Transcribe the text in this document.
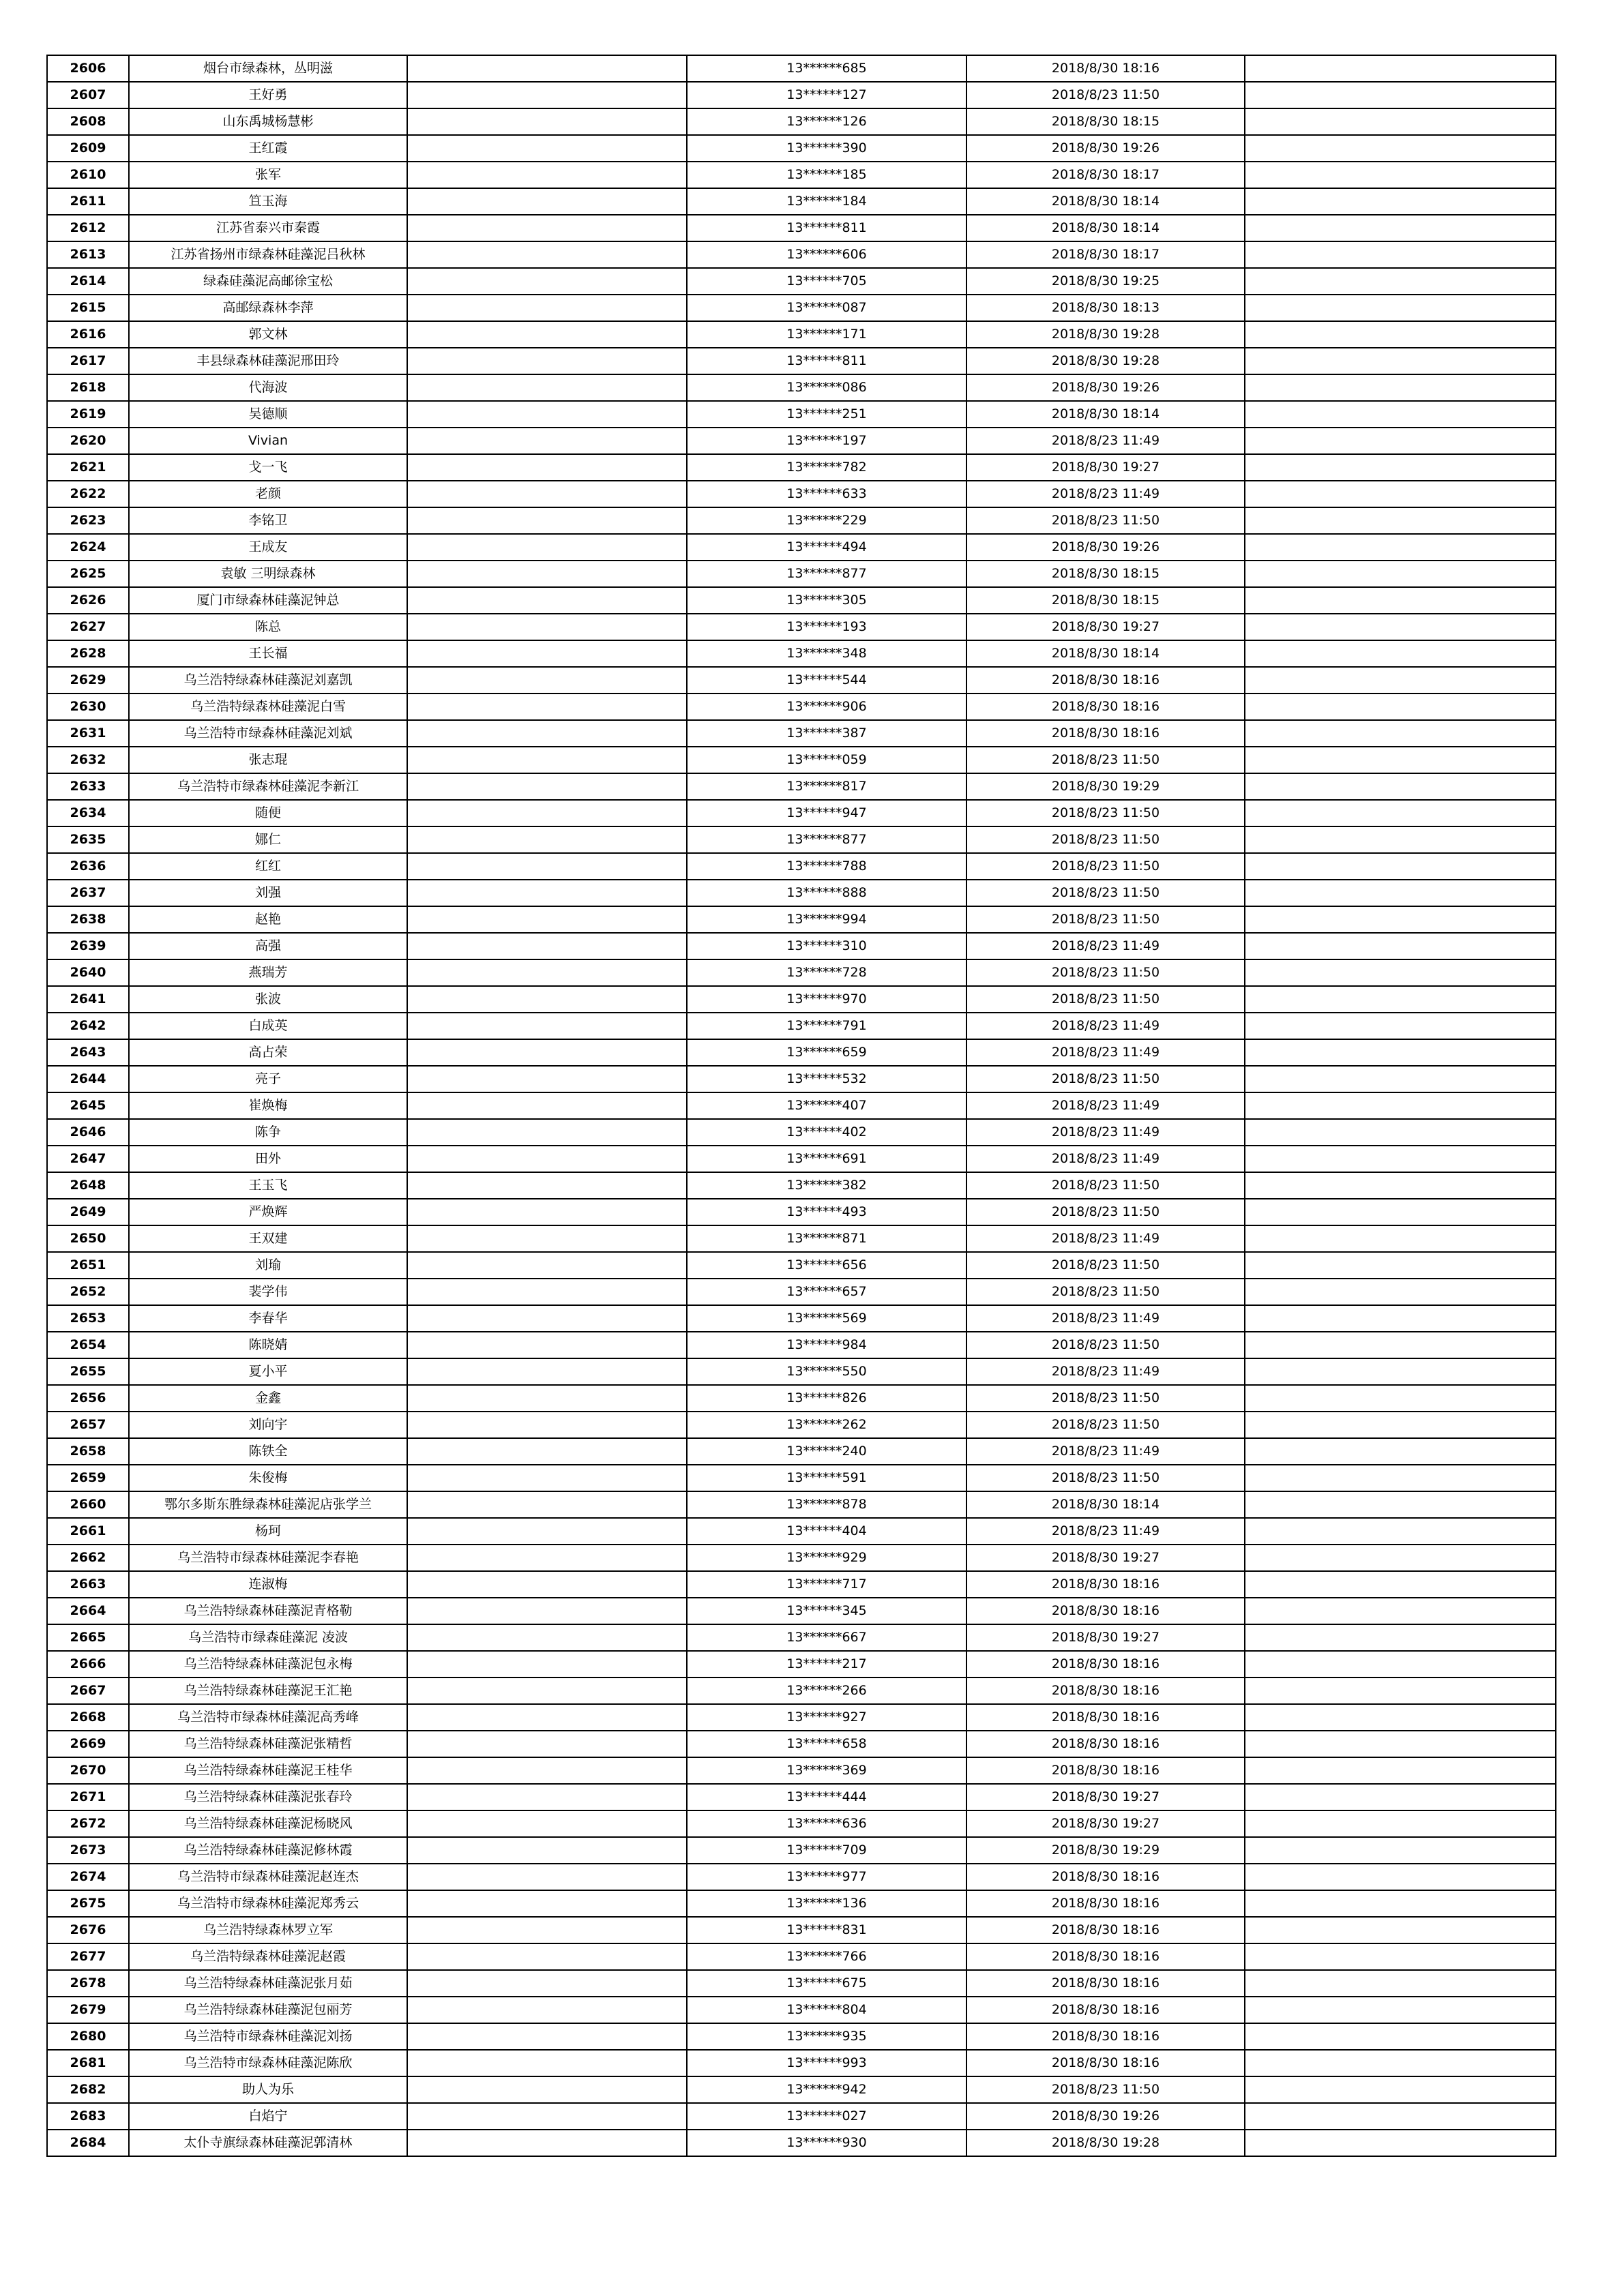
2606	烟台市绿森林，丛明滋		13******685	2018/8/30 18:16	
2607	王好勇		13******127	2018/8/23 11:50	
2608	山东禹城杨慧彬		13******126	2018/8/30 18:15	
2609	王红霞		13******390	2018/8/30 19:26	
2610	张军		13******185	2018/8/30 18:17	
2611	笪玉海		13******184	2018/8/30 18:14	
2612	江苏省泰兴市秦霞		13******811	2018/8/30 18:14	
2613	江苏省扬州市绿森林硅藻泥吕秋林		13******606	2018/8/30 18:17	
2614	绿森硅藻泥高邮徐宝松		13******705	2018/8/30 19:25	
2615	高邮绿森林李萍		13******087	2018/8/30 18:13	
2616	郭文林		13******171	2018/8/30 19:28	
2617	丰县绿森林硅藻泥邢田玲		13******811	2018/8/30 19:28	
2618	代海波		13******086	2018/8/30 19:26	
2619	吴德顺		13******251	2018/8/30 18:14	
2620	Vivian		13******197	2018/8/23 11:49	
2621	戈一飞		13******782	2018/8/30 19:27	
2622	老颜		13******633	2018/8/23 11:49	
2623	李铭卫		13******229	2018/8/23 11:50	
2624	王成友		13******494	2018/8/30 19:26	
2625	袁敏 三明绿森林		13******877	2018/8/30 18:15	
2626	厦门市绿森林硅藻泥钟总		13******305	2018/8/30 18:15	
2627	陈总		13******193	2018/8/30 19:27	
2628	王长福		13******348	2018/8/30 18:14	
2629	乌兰浩特绿森林硅藻泥刘嘉凯		13******544	2018/8/30 18:16	
2630	乌兰浩特绿森林硅藻泥白雪		13******906	2018/8/30 18:16	
2631	乌兰浩特市绿森林硅藻泥刘斌		13******387	2018/8/30 18:16	
2632	张志琨		13******059	2018/8/23 11:50	
2633	乌兰浩特市绿森林硅藻泥李新江		13******817	2018/8/30 19:29	
2634	随便		13******947	2018/8/23 11:50	
2635	娜仁		13******877	2018/8/23 11:50	
2636	红红		13******788	2018/8/23 11:50	
2637	刘强		13******888	2018/8/23 11:50	
2638	赵艳		13******994	2018/8/23 11:50	
2639	高强		13******310	2018/8/23 11:49	
2640	燕瑞芳		13******728	2018/8/23 11:50	
2641	张波		13******970	2018/8/23 11:50	
2642	白成英		13******791	2018/8/23 11:49	
2643	高占荣		13******659	2018/8/23 11:49	
2644	亮子		13******532	2018/8/23 11:50	
2645	崔焕梅		13******407	2018/8/23 11:49	
2646	陈争		13******402	2018/8/23 11:49	
2647	田外		13******691	2018/8/23 11:49	
2648	王玉飞		13******382	2018/8/23 11:50	
2649	严焕辉		13******493	2018/8/23 11:50	
2650	王双建		13******871	2018/8/23 11:49	
2651	刘瑜		13******656	2018/8/23 11:50	
2652	裴学伟		13******657	2018/8/23 11:50	
2653	李春华		13******569	2018/8/23 11:49	
2654	陈晓婧		13******984	2018/8/23 11:50	
2655	夏小平		13******550	2018/8/23 11:49	
2656	金鑫		13******826	2018/8/23 11:50	
2657	刘向宇		13******262	2018/8/23 11:50	
2658	陈铁全		13******240	2018/8/23 11:49	
2659	朱俊梅		13******591	2018/8/23 11:50	
2660	鄂尔多斯东胜绿森林硅藻泥店张学兰		13******878	2018/8/30 18:14	
2661	杨珂		13******404	2018/8/23 11:49	
2662	乌兰浩特市绿森林硅藻泥李春艳		13******929	2018/8/30 19:27	
2663	连淑梅		13******717	2018/8/30 18:16	
2664	乌兰浩特绿森林硅藻泥青格勒		13******345	2018/8/30 18:16	
2665	乌兰浩特市绿森硅藻泥 凌波		13******667	2018/8/30 19:27	
2666	乌兰浩特绿森林硅藻泥包永梅		13******217	2018/8/30 18:16	
2667	乌兰浩特绿森林硅藻泥王汇艳		13******266	2018/8/30 18:16	
2668	乌兰浩特市绿森林硅藻泥高秀峰		13******927	2018/8/30 18:16	
2669	乌兰浩特绿森林硅藻泥张精哲		13******658	2018/8/30 18:16	
2670	乌兰浩特绿森林硅藻泥王桂华		13******369	2018/8/30 18:16	
2671	乌兰浩特绿森林硅藻泥张春玲		13******444	2018/8/30 19:27	
2672	乌兰浩特绿森林硅藻泥杨晓风		13******636	2018/8/30 19:27	
2673	乌兰浩特绿森林硅藻泥修林霞		13******709	2018/8/30 19:29	
2674	乌兰浩特市绿森林硅藻泥赵连杰		13******977	2018/8/30 18:16	
2675	乌兰浩特市绿森林硅藻泥郑秀云		13******136	2018/8/30 18:16	
2676	乌兰浩特绿森林罗立军		13******831	2018/8/30 18:16	
2677	乌兰浩特绿森林硅藻泥赵霞		13******766	2018/8/30 18:16	
2678	乌兰浩特绿森林硅藻泥张月茹		13******675	2018/8/30 18:16	
2679	乌兰浩特绿森林硅藻泥包丽芳		13******804	2018/8/30 18:16	
2680	乌兰浩特市绿森林硅藻泥刘扬		13******935	2018/8/30 18:16	
2681	乌兰浩特市绿森林硅藻泥陈欣		13******993	2018/8/30 18:16	
2682	助人为乐		13******942	2018/8/23 11:50	
2683	白焰宁		13******027	2018/8/30 19:26	
2684	太仆寺旗绿森林硅藻泥郭清林		13******930	2018/8/30 19:28	
